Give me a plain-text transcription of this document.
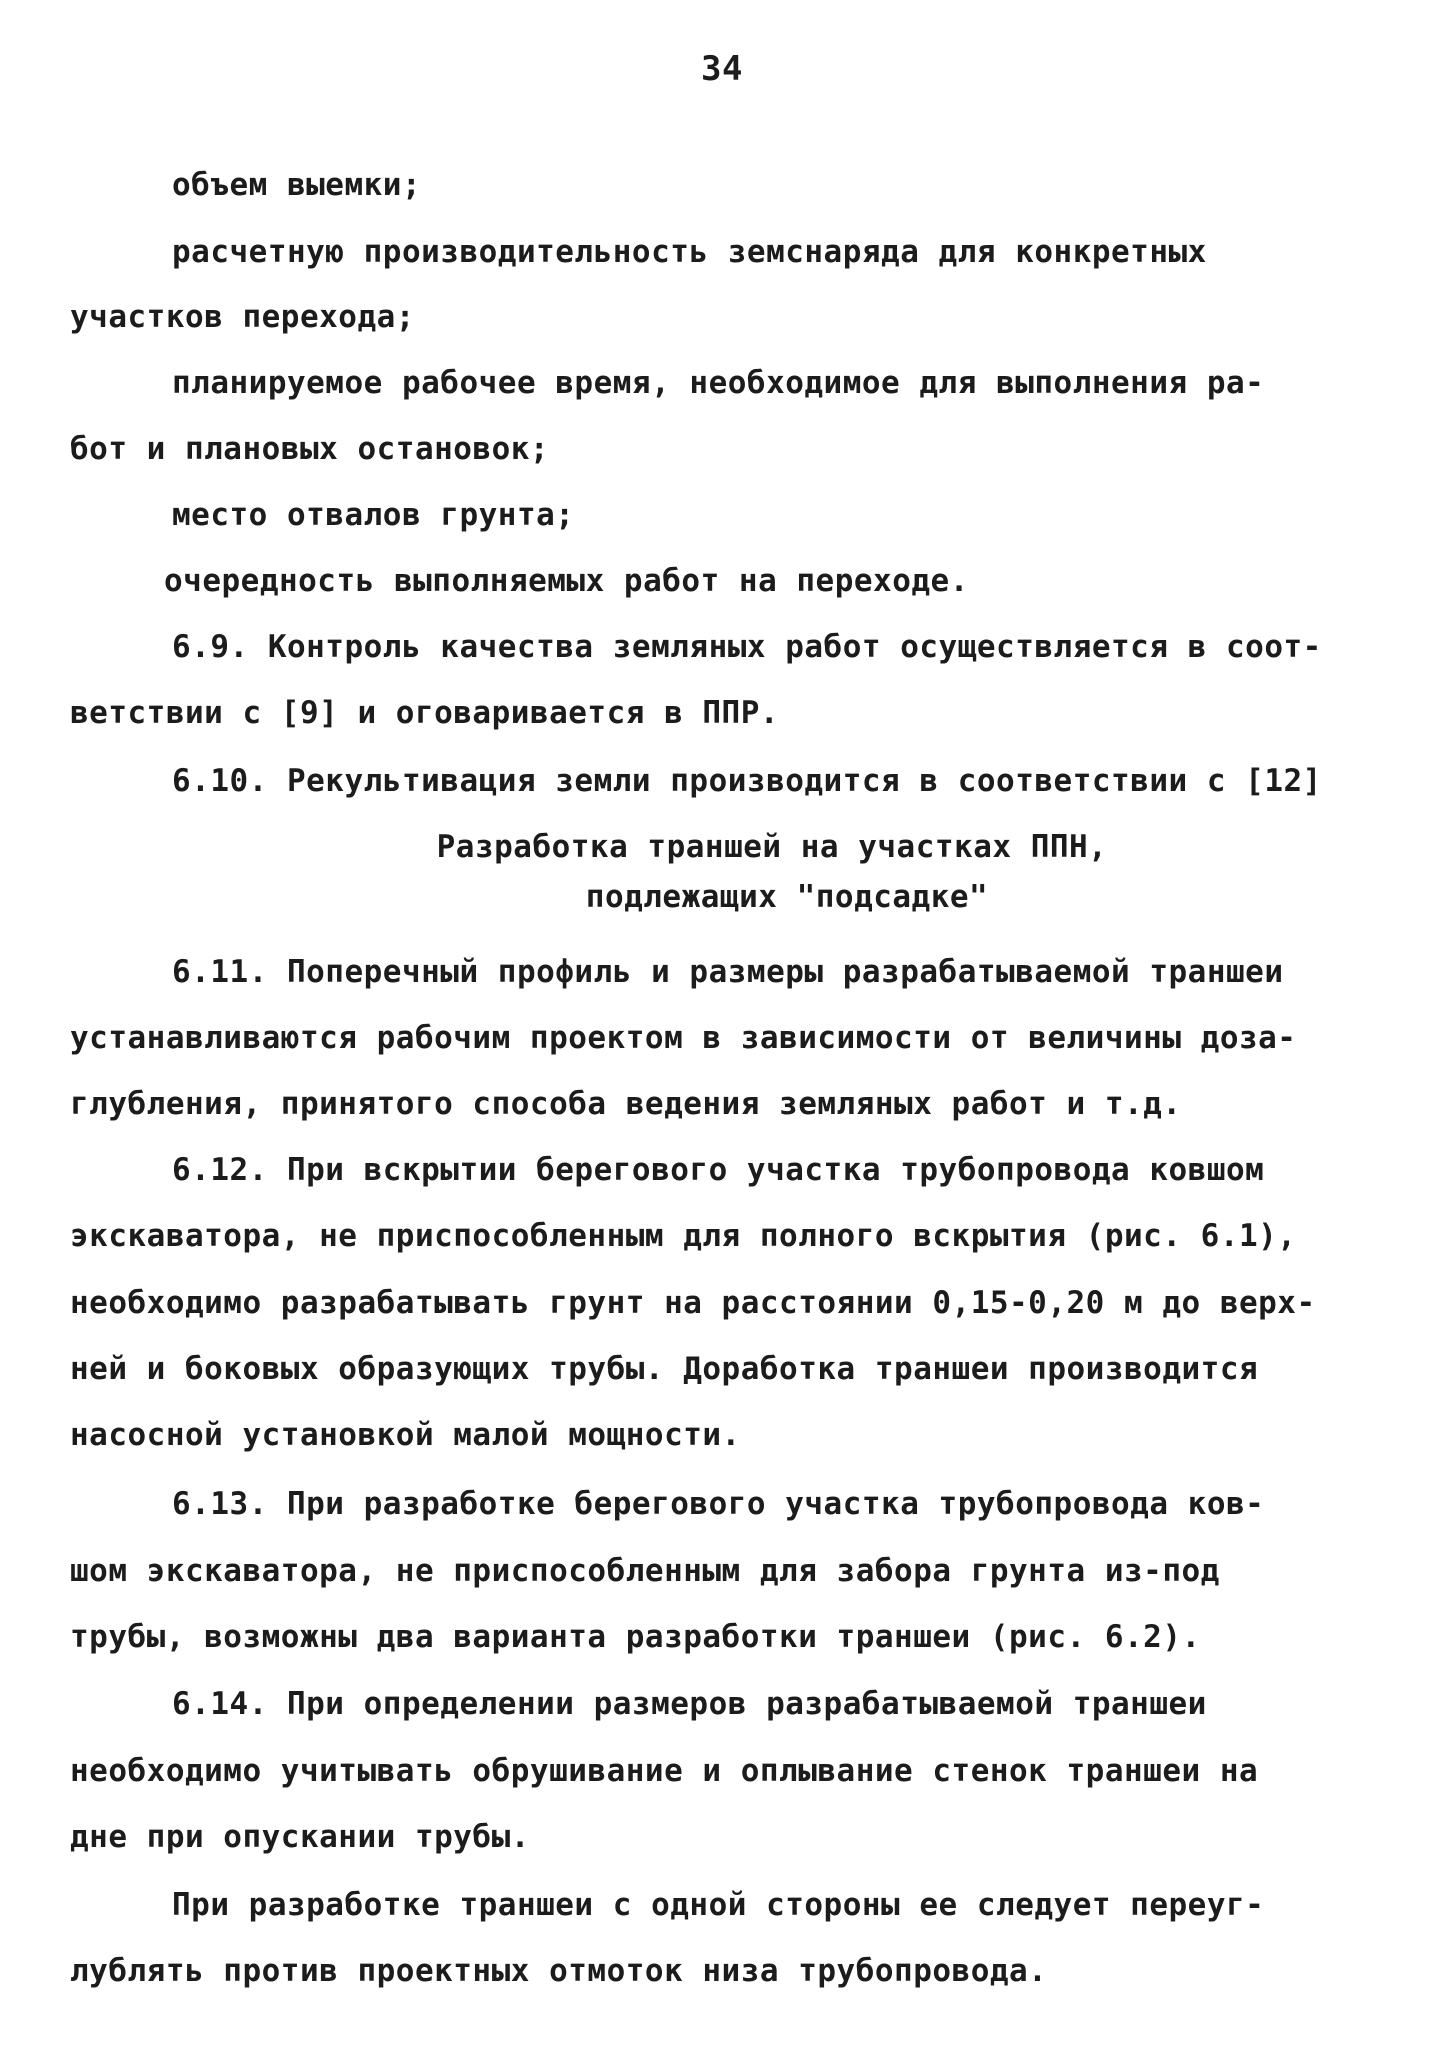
34
объем выемки;
расчетную производительность земснаряда для конкретных
участков перехода;
планируемое рабочее время, необходимое для выполнения ра-
бот и плановых остановок;
место отвалов грунта;
очередность выполняемых работ на переходе.
6.9. Контроль качества земляных работ осуществляется в соот-
ветствии с [9] и оговаривается в ППР.
6.10. Рекультивация земли производится в соответствии с [12]
Разработка траншей на участках ППН,
подлежащих "подсадке"
6.11. Поперечный профиль и размеры разрабатываемой траншеи
устанавливаются рабочим проектом в зависимости от величины доза-
глубления, принятого способа ведения земляных работ и т.д.
6.12. При вскрытии берегового участка трубопровода ковшом
экскаватора, не приспособленным для полного вскрытия (рис. 6.1),
необходимо разрабатывать грунт на расстоянии 0,15-0,20 м до верх-
ней и боковых образующих трубы. Доработка траншеи производится
насосной установкой малой мощности.
6.13. При разработке берегового участка трубопровода ков-
шом экскаватора, не приспособленным для забора грунта из-под
трубы, возможны два варианта разработки траншеи (рис. 6.2).
6.14. При определении размеров разрабатываемой траншеи
необходимо учитывать обрушивание и оплывание стенок траншеи на
дне при опускании трубы.
При разработке траншеи с одной стороны ее следует переуг-
лублять против проектных отмоток низа трубопровода.
